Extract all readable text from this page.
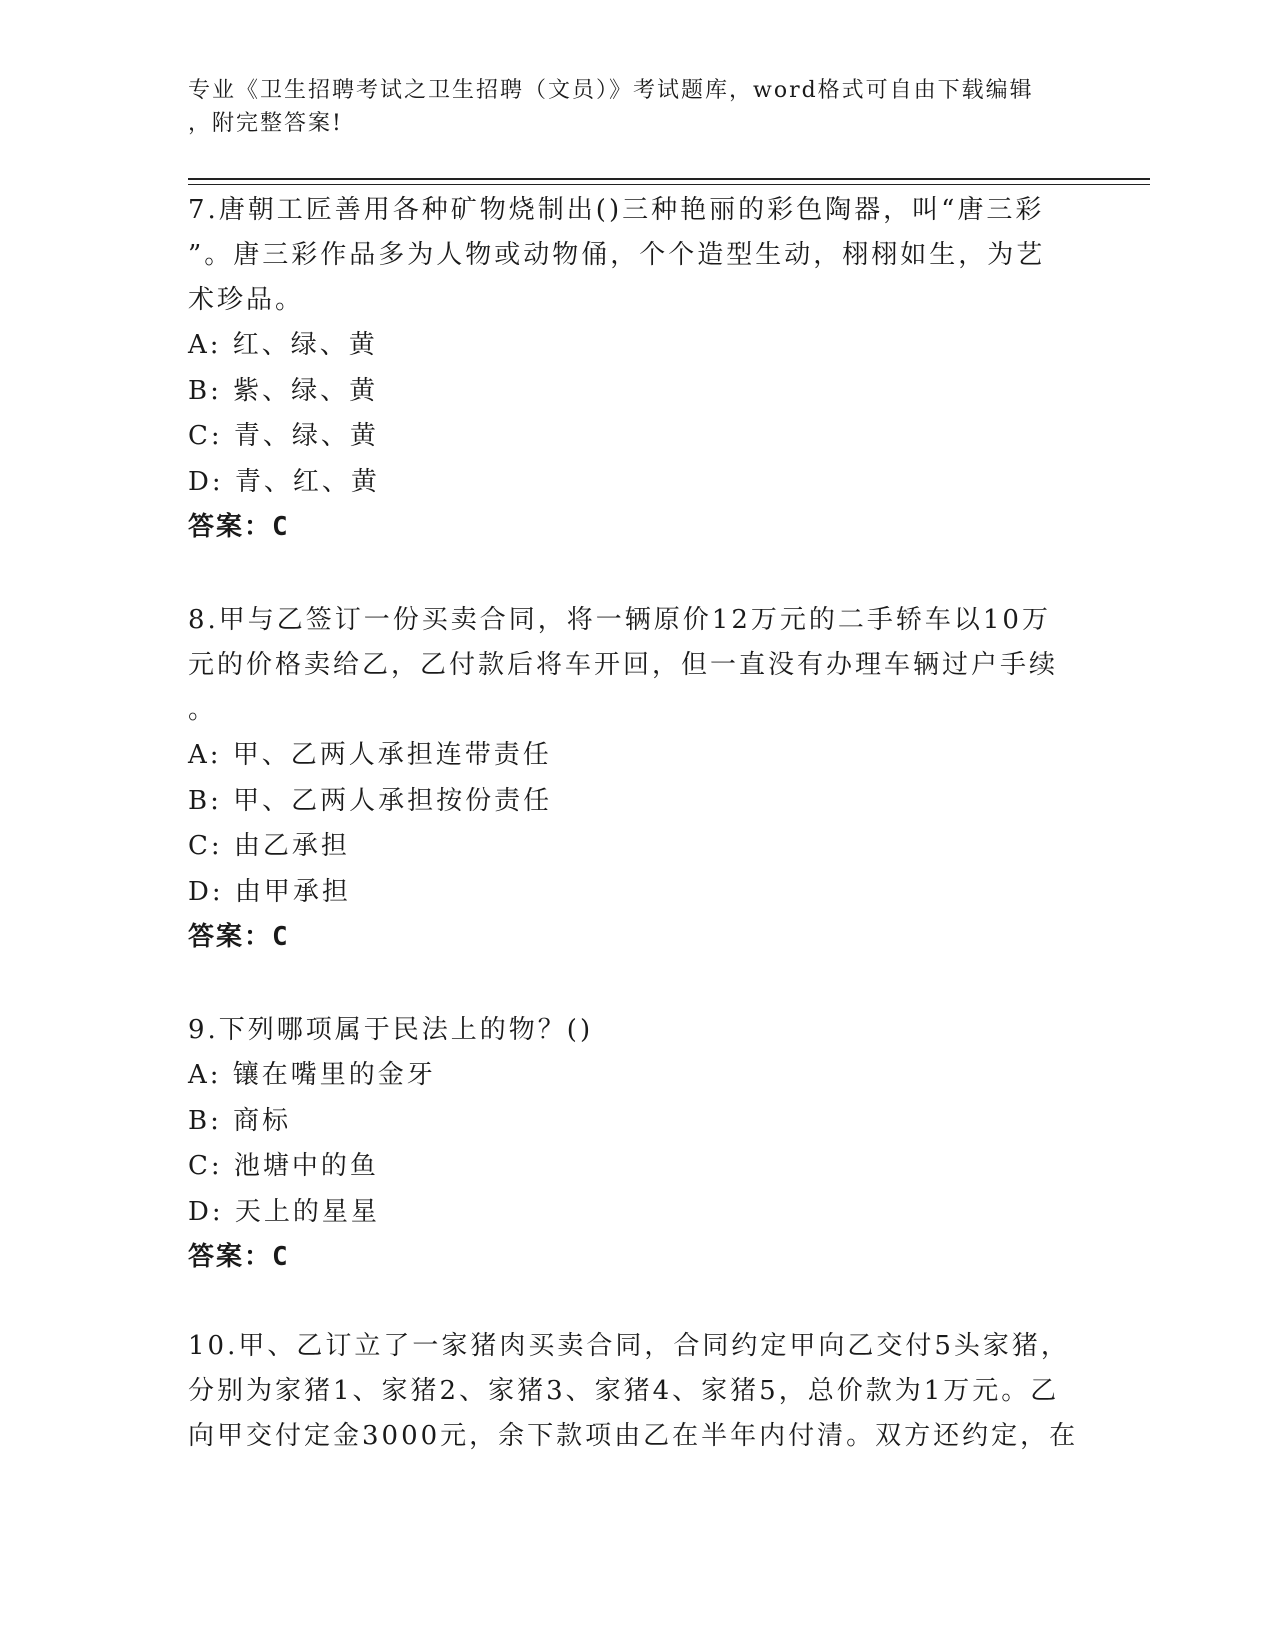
专业《卫生招聘考试之卫生招聘（文员）》考试题库，word格式可自由下载编辑
，附完整答案!

7.唐朝工匠善用各种矿物烧制出()三种艳丽的彩色陶器，叫“唐三彩

”。唐三彩作品多为人物或动物俑，个个造型生动，栩栩如生，为艺

术珍品。

A: 红、绿、黄

B: 紫、绿、黄

C: 青、绿、黄

D: 青、红、黄

答案：C

8.甲与乙签订一份买卖合同，将一辆原价12万元的二手轿车以10万

元的价格卖给乙，乙付款后将车开回，但一直没有办理车辆过户手续

。

A: 甲、乙两人承担连带责任

B: 甲、乙两人承担按份责任

C: 由乙承担

D: 由甲承担

答案：C

9.下列哪项属于民法上的物？()

A: 镶在嘴里的金牙

B: 商标

C: 池塘中的鱼

D: 天上的星星

答案：C

10.甲、乙订立了一家猪肉买卖合同，合同约定甲向乙交付5头家猪，

分别为家猪1、家猪2、家猪3、家猪4、家猪5，总价款为1万元。乙

向甲交付定金3000元，余下款项由乙在半年内付清。双方还约定，在
